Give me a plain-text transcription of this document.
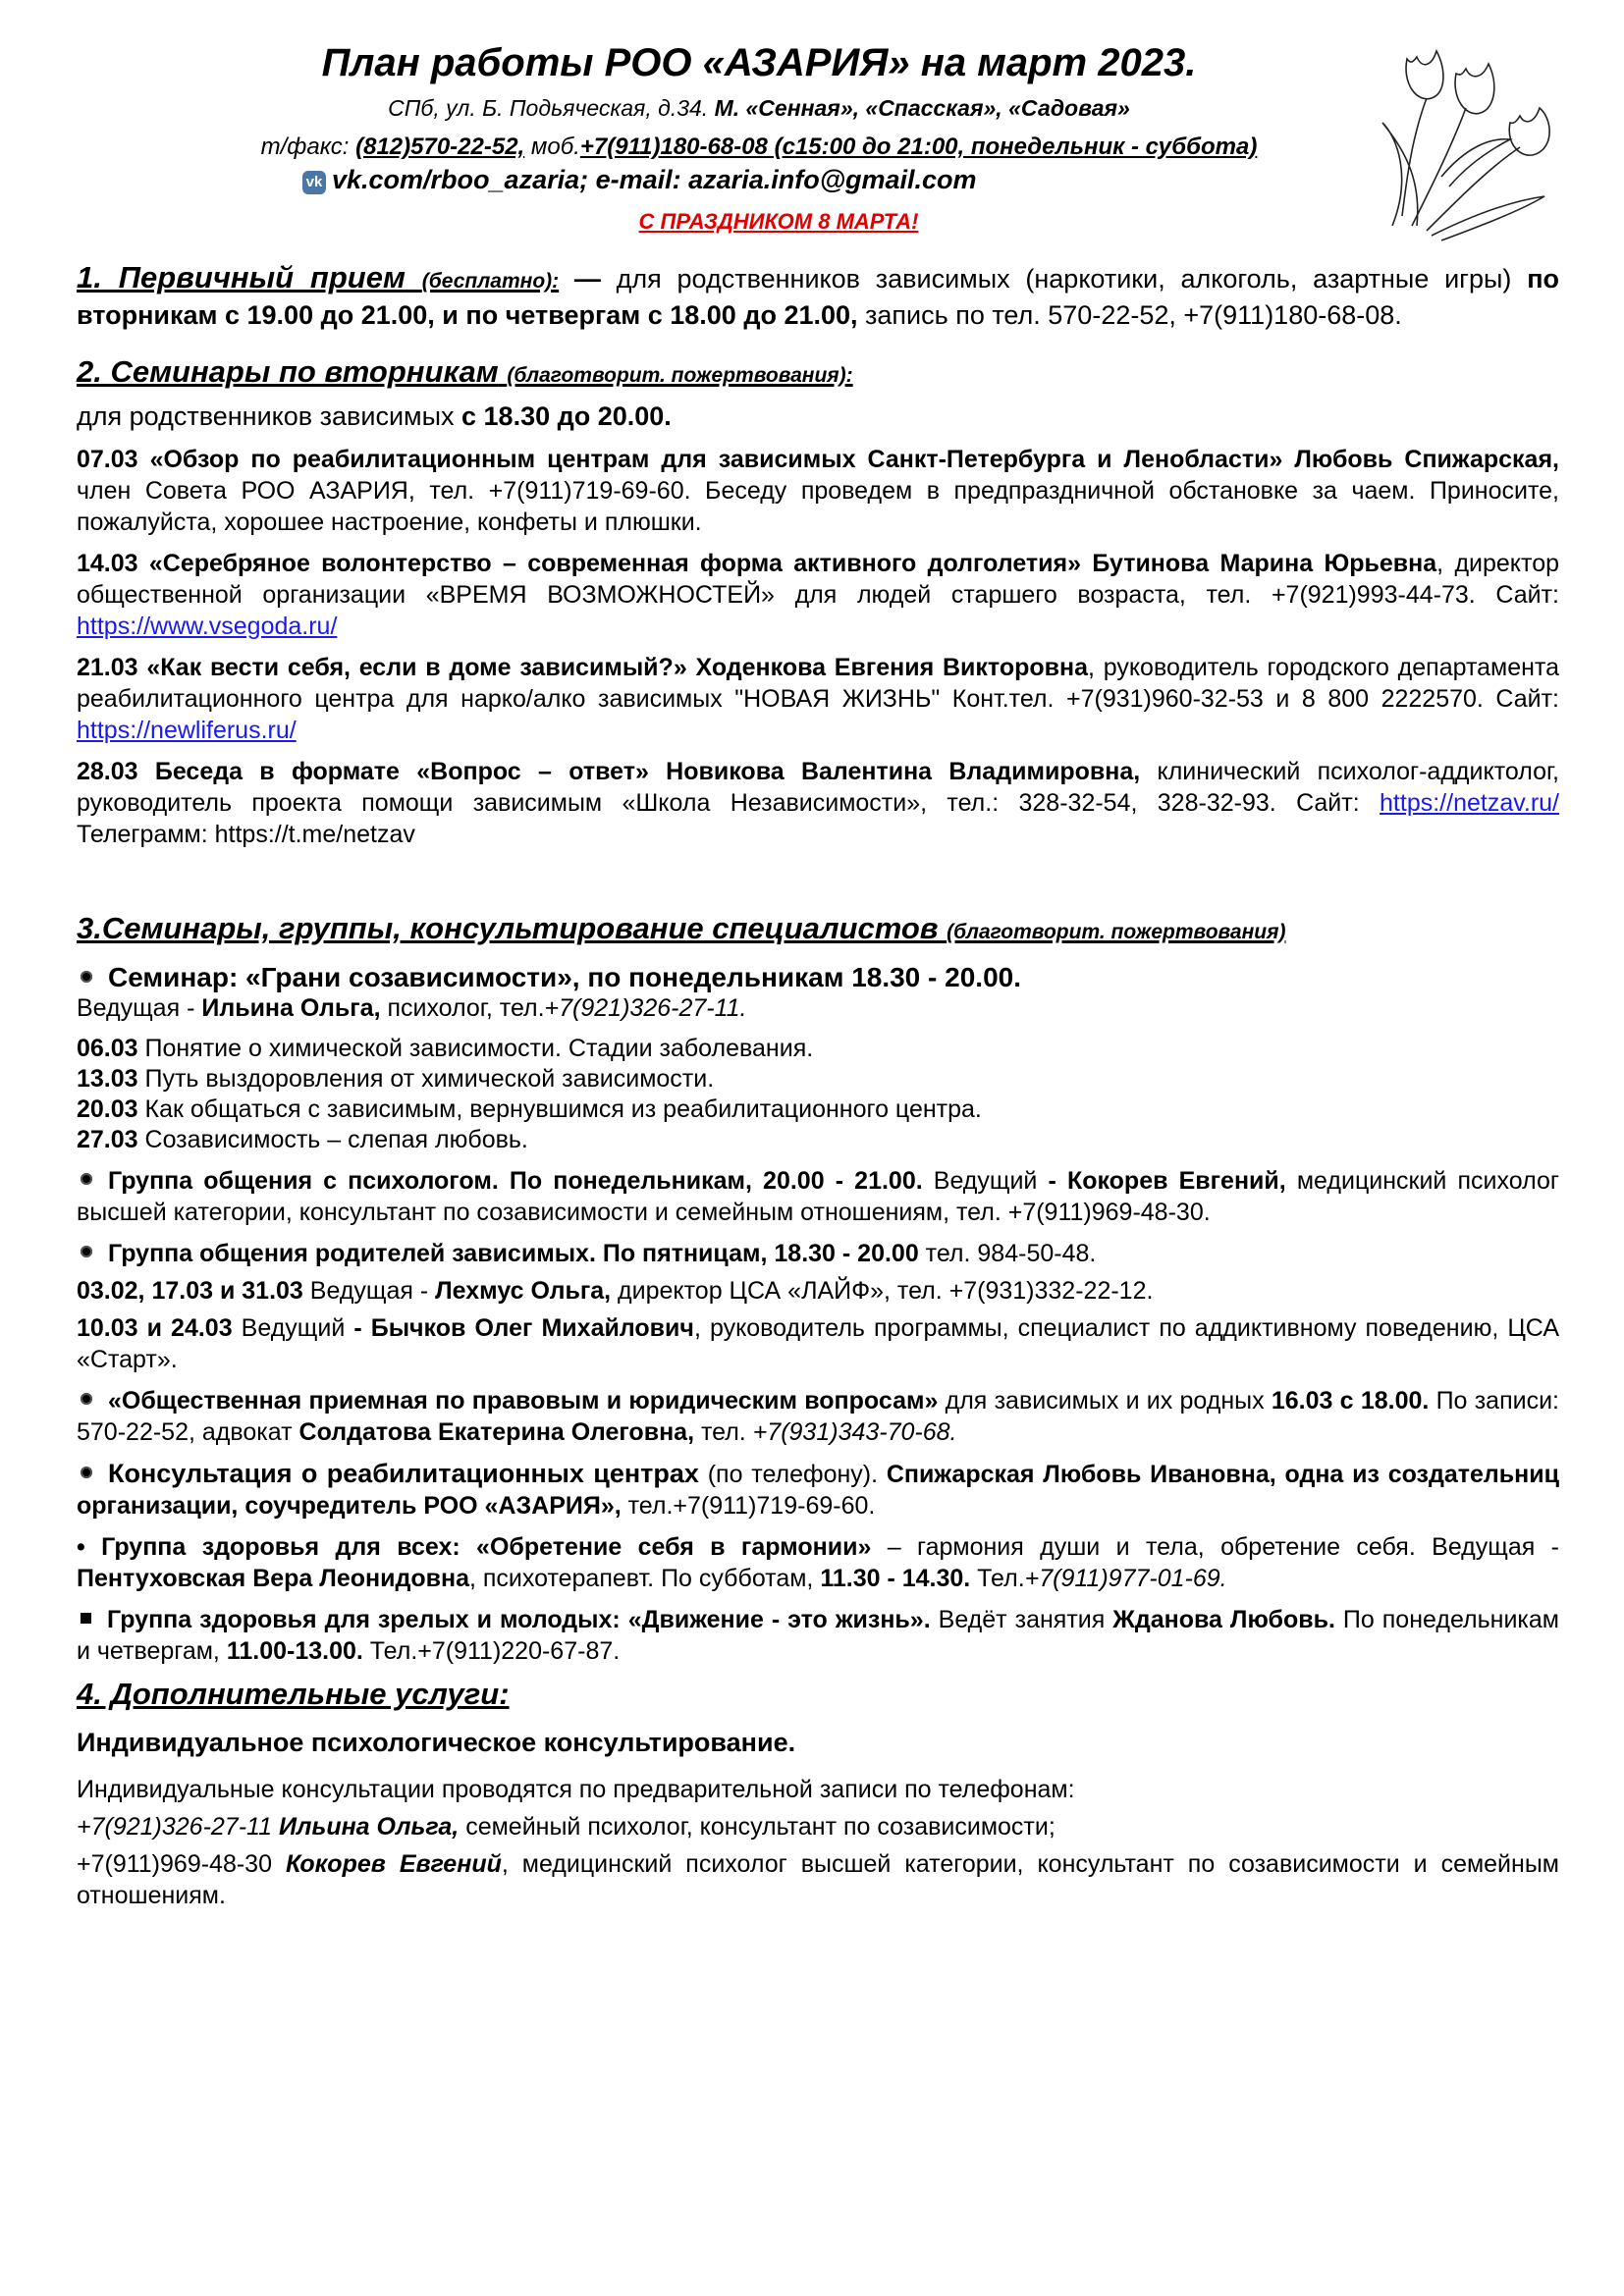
План работы РОО «АЗАРИЯ» на март 2023.
СПб, ул. Б. Подьяческая, д.34. М. «Сенная», «Спасская», «Садовая»
т/факс: (812)570-22-52, моб.+7(911)180-68-08 (с15:00 до 21:00, понедельник - суббота)
vk vk.com/rboo_azaria; e-mail: azaria.info@gmail.com
С ПРАЗДНИКОМ 8 МАРТА!
1. Первичный прием (бесплатно): — для родственников зависимых (наркотики, алкоголь, азартные игры) по вторникам с 19.00 до 21.00, и по четвергам с 18.00 до 21.00, запись по тел. 570-22-52, +7(911)180-68-08.
2. Семинары по вторникам (благотворит. пожертвования):
для родственников зависимых с 18.30 до 20.00.
07.03 «Обзор по реабилитационным центрам для зависимых Санкт-Петербурга и Ленобласти» Любовь Спижарская, член Совета РОО АЗАРИЯ, тел. +7(911)719-69-60. Беседу проведем в предпраздничной обстановке за чаем. Приносите, пожалуйста, хорошее настроение, конфеты и плюшки.
14.03 «Серебряное волонтерство – современная форма активного долголетия» Бутинова Марина Юрьевна, директор общественной организации «ВРЕМЯ ВОЗМОЖНОСТЕЙ» для людей старшего возраста, тел. +7(921)993-44-73. Сайт: https://www.vsegoda.ru/
21.03 «Как вести себя, если в доме зависимый?» Ходенкова Евгения Викторовна, руководитель городского департамента реабилитационного центра для нарко/алко зависимых "НОВАЯ ЖИЗНЬ" Конт.тел. +7(931)960-32-53 и 8 800 2222570. Сайт: https://newliferus.ru/
28.03 Беседа в формате «Вопрос – ответ» Новикова Валентина Владимировна, клинический психолог-аддиктолог, руководитель проекта помощи зависимым «Школа Независимости», тел.: 328-32-54, 328-32-93. Сайт: https://netzav.ru/ Телеграмм: https://t.me/netzav
3.Семинары, группы, консультирование специалистов (благотворит. пожертвования)
Семинар: «Грани созависимости», по понедельникам 18.30 - 20.00.
Ведущая - Ильина Ольга, психолог, тел.+7(921)326-27-11.
06.03 Понятие о химической зависимости. Стадии заболевания.
13.03 Путь выздоровления от химической зависимости.
20.03 Как общаться с зависимым, вернувшимся из реабилитационного центра.
27.03 Созависимость – слепая любовь.
Группа общения с психологом. По понедельникам, 20.00 - 21.00. Ведущий - Кокорев Евгений, медицинский психолог высшей категории, консультант по созависимости и семейным отношениям, тел. +7(911)969-48-30.
Группа общения родителей зависимых. По пятницам, 18.30 - 20.00 тел. 984-50-48.
03.02, 17.03 и 31.03 Ведущая - Лехмус Ольга, директор ЦСА «ЛАЙФ», тел. +7(931)332-22-12.
10.03 и 24.03 Ведущий - Бычков Олег Михайлович, руководитель программы, специалист по аддиктивному поведению, ЦСА «Старт».
«Общественная приемная по правовым и юридическим вопросам» для зависимых и их родных 16.03 с 18.00. По записи: 570-22-52, адвокат Солдатова Екатерина Олеговна, тел. +7(931)343-70-68.
Консультация о реабилитационных центрах (по телефону). Спижарская Любовь Ивановна, одна из создательниц организации, соучредитель РОО «АЗАРИЯ», тел.+7(911)719-69-60.
• Группа здоровья для всех: «Обретение себя в гармонии» – гармония души и тела, обретение себя. Ведущая - Пентуховская Вера Леонидовна, психотерапевт. По субботам, 11.30 - 14.30. Тел.+7(911)977-01-69.
Группа здоровья для зрелых и молодых: «Движение - это жизнь». Ведёт занятия Жданова Любовь. По понедельникам и четвергам, 11.00-13.00. Тел.+7(911)220-67-87.
4. Дополнительные услуги:
Индивидуальное психологическое консультирование.
Индивидуальные консультации проводятся по предварительной записи по телефонам:
+7(921)326-27-11 Ильина Ольга, семейный психолог, консультант по созависимости;
+7(911)969-48-30 Кокорев Евгений, медицинский психолог высшей категории, консультант по созависимости и семейным отношениям.
